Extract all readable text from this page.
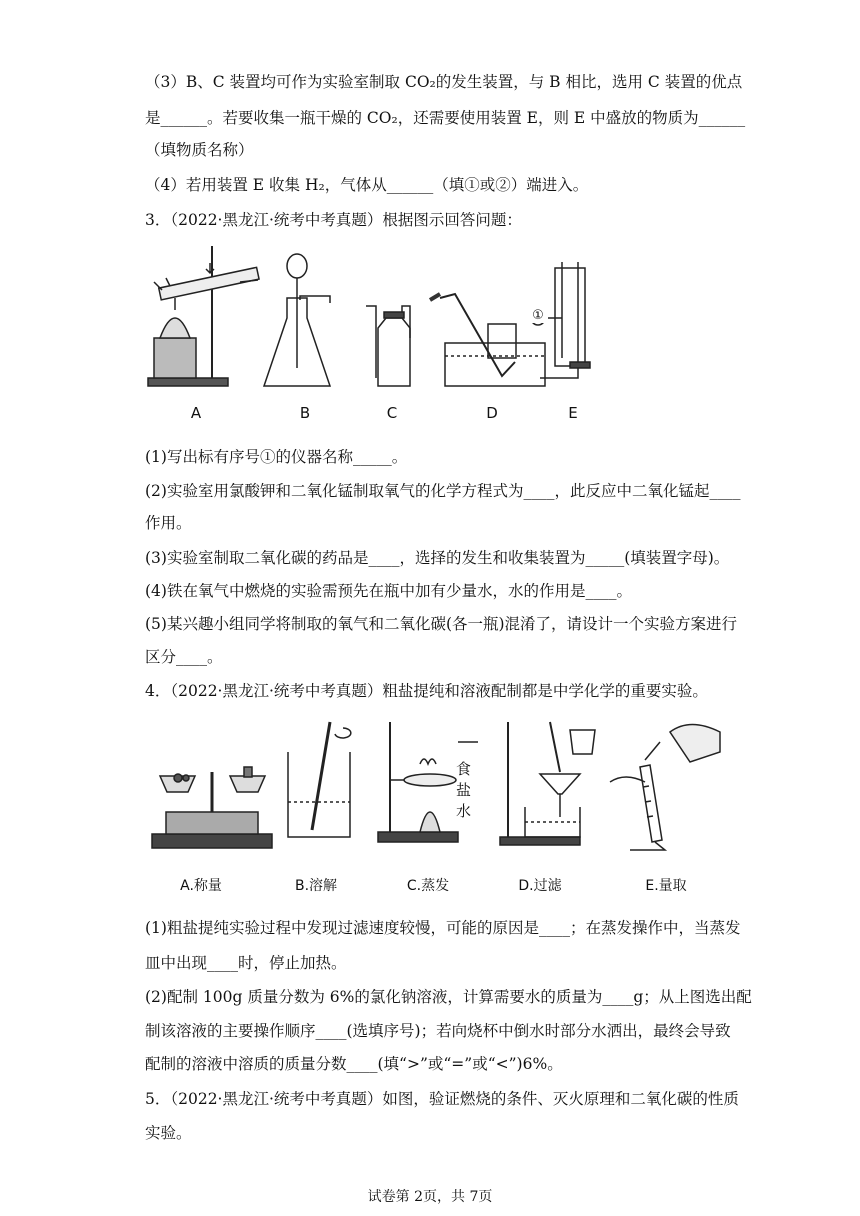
（3）B、C 装置均可作为实验室制取 CO₂的发生装置，与 B 相比，选用 C 装置的优点
是______。若要收集一瓶干燥的 CO₂，还需要使用装置 E，则 E 中盛放的物质为______
（填物质名称）
（4）若用装置 E 收集 H₂，气体从______（填①或②）端进入。
3．（2022·黑龙江·统考中考真题）根据图示回答问题：
A	B	C	D	E
①
(1)写出标有序号①的仪器名称_____。
(2)实验室用氯酸钾和二氧化锰制取氧气的化学方程式为____，此反应中二氧化锰起____
作用。
(3)实验室制取二氧化碳的药品是____，选择的发生和收集装置为_____(填装置字母)。
(4)铁在氧气中燃烧的实验需预先在瓶中加有少量水，水的作用是____。
(5)某兴趣小组同学将制取的氧气和二氧化碳(各一瓶)混淆了，请设计一个实验方案进行
区分____。
4．（2022·黑龙江·统考中考真题）粗盐提纯和溶液配制都是中学化学的重要实验。
食
盐
水
A.称量	B.溶解	C.蒸发	D.过滤	E.量取
(1)粗盐提纯实验过程中发现过滤速度较慢，可能的原因是____；在蒸发操作中，当蒸发
皿中出现____时，停止加热。
(2)配制 100g 质量分数为 6%的氯化钠溶液，计算需要水的质量为____g；从上图选出配
制该溶液的主要操作顺序____(选填序号)；若向烧杯中倒水时部分水洒出，最终会导致
配制的溶液中溶质的质量分数____(填“>”或“=”或“<”)6%。
5．（2022·黑龙江·统考中考真题）如图，验证燃烧的条件、灭火原理和二氧化碳的性质
实验。
试卷第 2页，共 7页
